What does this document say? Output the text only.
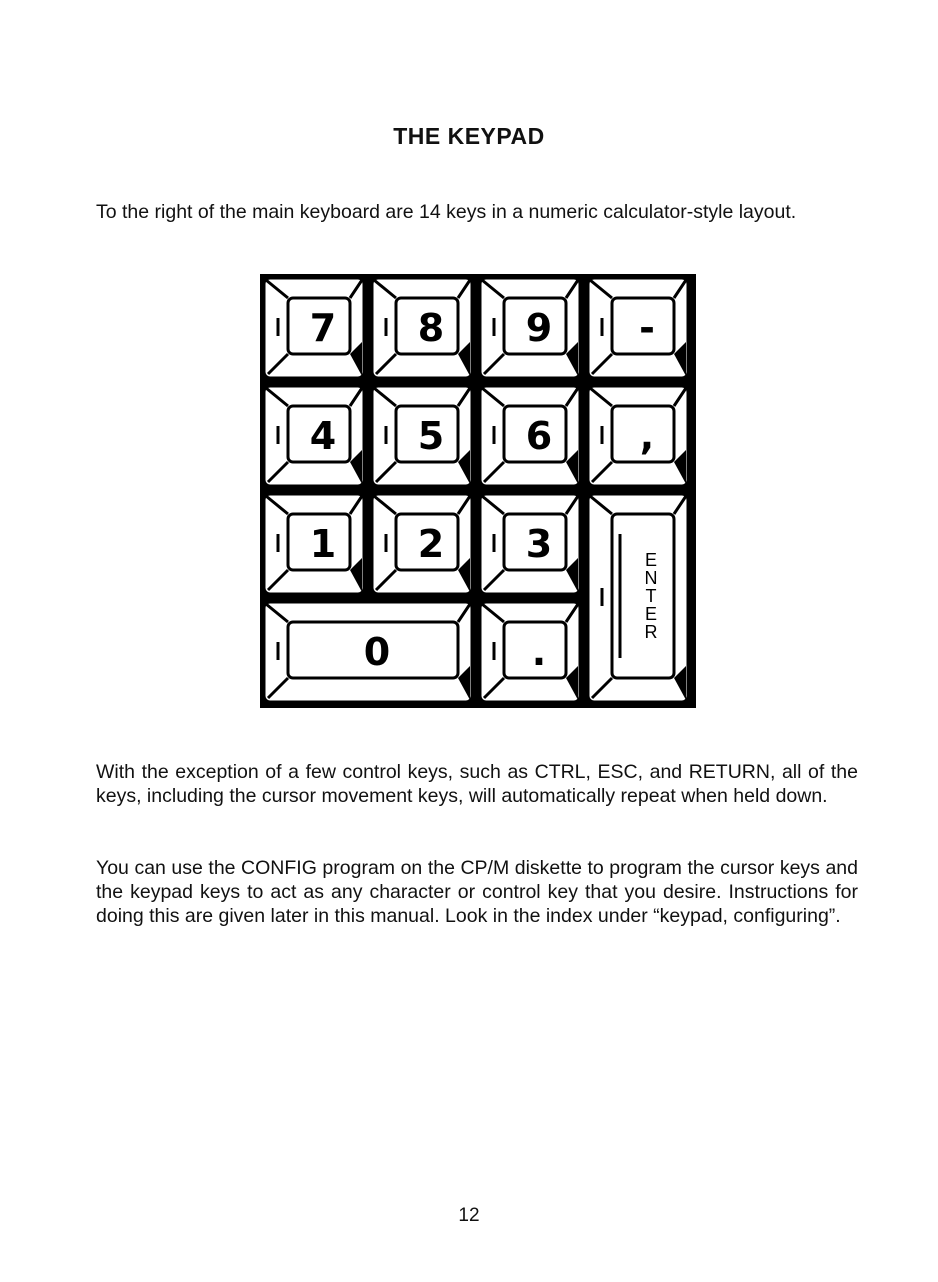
THE KEYPAD
To the right of the main keyboard are 14 keys in a numeric calculator-style layout.
7 8 9 -
4 5 6 ,
1 2 3
0	.
E
N
T
E
R
With the exception of a few control keys, such as CTRL, ESC, and RETURN, all of the keys, including the cursor movement keys, will automatically repeat when held down.
You can use the CONFIG program on the CP/M diskette to program the cursor keys and the keypad keys to act as any character or control key that you desire. Instructions for doing this are given later in this manual. Look in the index under “keypad, configuring”.
12
